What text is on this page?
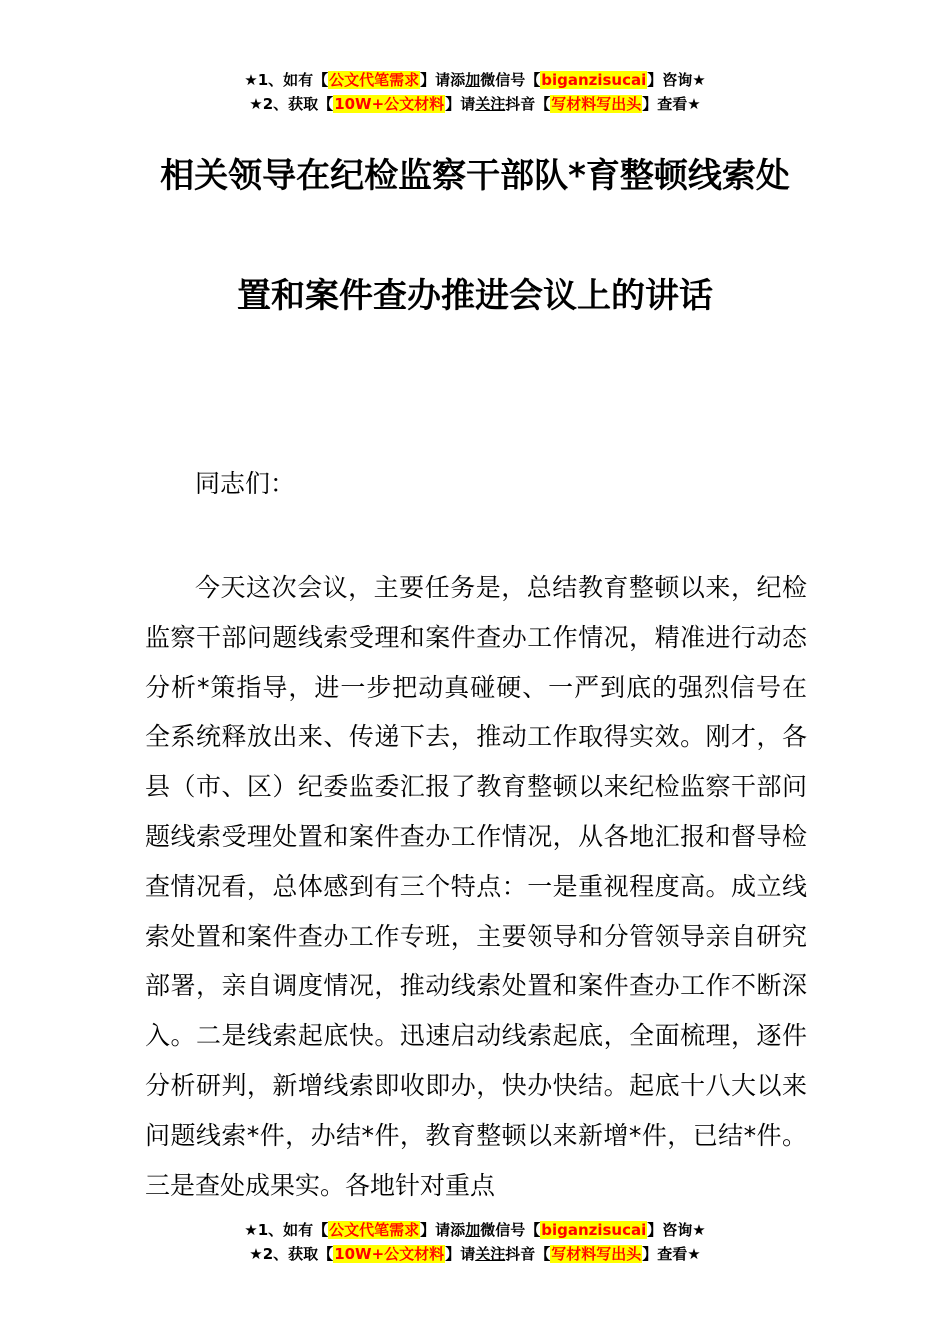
★1、如有【公文代笔需求】请添加微信号【biganzisucai】咨询★
★2、获取【10W+公文材料】请关注抖音【写材料写出头】查看★
相关领导在纪检监察干部队*育整顿线索处
置和案件查办推进会议上的讲话
同志们：
今天这次会议，主要任务是，总结教育整顿以来，纪检监察干部问题线索受理和案件查办工作情况，精准进行动态分析*策指导，进一步把动真碰硬、一严到底的强烈信号在全系统释放出来、传递下去，推动工作取得实效。刚才，各县（市、区）纪委监委汇报了教育整顿以来纪检监察干部问题线索受理处置和案件查办工作情况，从各地汇报和督导检查情况看，总体感到有三个特点：一是重视程度高。成立线索处置和案件查办工作专班，主要领导和分管领导亲自研究部署，亲自调度情况，推动线索处置和案件查办工作不断深入。二是线索起底快。迅速启动线索起底，全面梳理，逐件分析研判，新增线索即收即办，快办快结。起底十八大以来问题线索*件，办结*件，教育整顿以来新增*件，已结*件。三是查处成果实。各地针对重点
★1、如有【公文代笔需求】请添加微信号【biganzisucai】咨询★
★2、获取【10W+公文材料】请关注抖音【写材料写出头】查看★
